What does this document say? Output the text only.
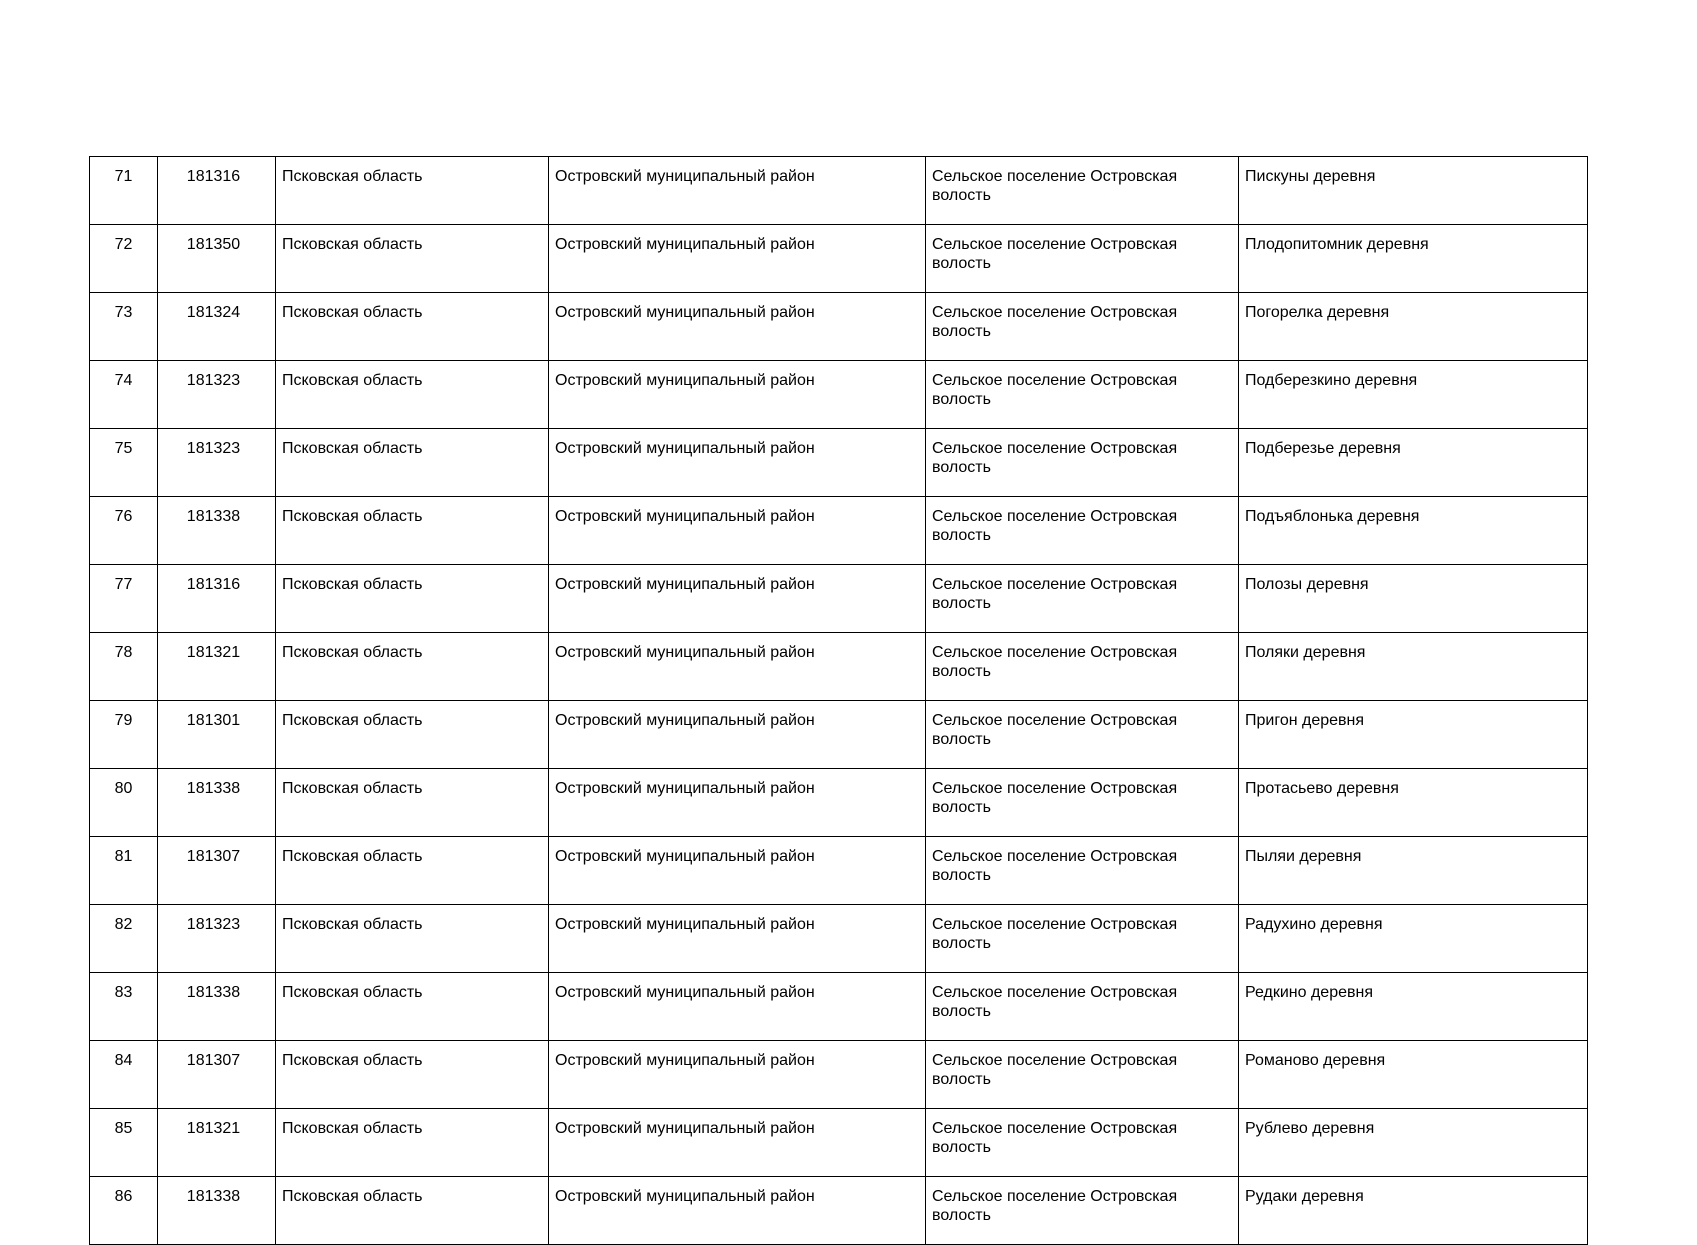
71	181316	Псковская область	Островский муниципальный район	Сельское поселение Островская волость	Пискуны деревня
72	181350	Псковская область	Островский муниципальный район	Сельское поселение Островская волость	Плодопитомник деревня
73	181324	Псковская область	Островский муниципальный район	Сельское поселение Островская волость	Погорелка деревня
74	181323	Псковская область	Островский муниципальный район	Сельское поселение Островская волость	Подберезкино деревня
75	181323	Псковская область	Островский муниципальный район	Сельское поселение Островская волость	Подберезье деревня
76	181338	Псковская область	Островский муниципальный район	Сельское поселение Островская волость	Подъяблонька деревня
77	181316	Псковская область	Островский муниципальный район	Сельское поселение Островская волость	Полозы деревня
78	181321	Псковская область	Островский муниципальный район	Сельское поселение Островская волость	Поляки деревня
79	181301	Псковская область	Островский муниципальный район	Сельское поселение Островская волость	Пригон деревня
80	181338	Псковская область	Островский муниципальный район	Сельское поселение Островская волость	Протасьево деревня
81	181307	Псковская область	Островский муниципальный район	Сельское поселение Островская волость	Пыляи деревня
82	181323	Псковская область	Островский муниципальный район	Сельское поселение Островская волость	Радухино деревня
83	181338	Псковская область	Островский муниципальный район	Сельское поселение Островская волость	Редкино деревня
84	181307	Псковская область	Островский муниципальный район	Сельское поселение Островская волость	Романово деревня
85	181321	Псковская область	Островский муниципальный район	Сельское поселение Островская волость	Рублево деревня
86	181338	Псковская область	Островский муниципальный район	Сельское поселение Островская волость	Рудаки деревня
